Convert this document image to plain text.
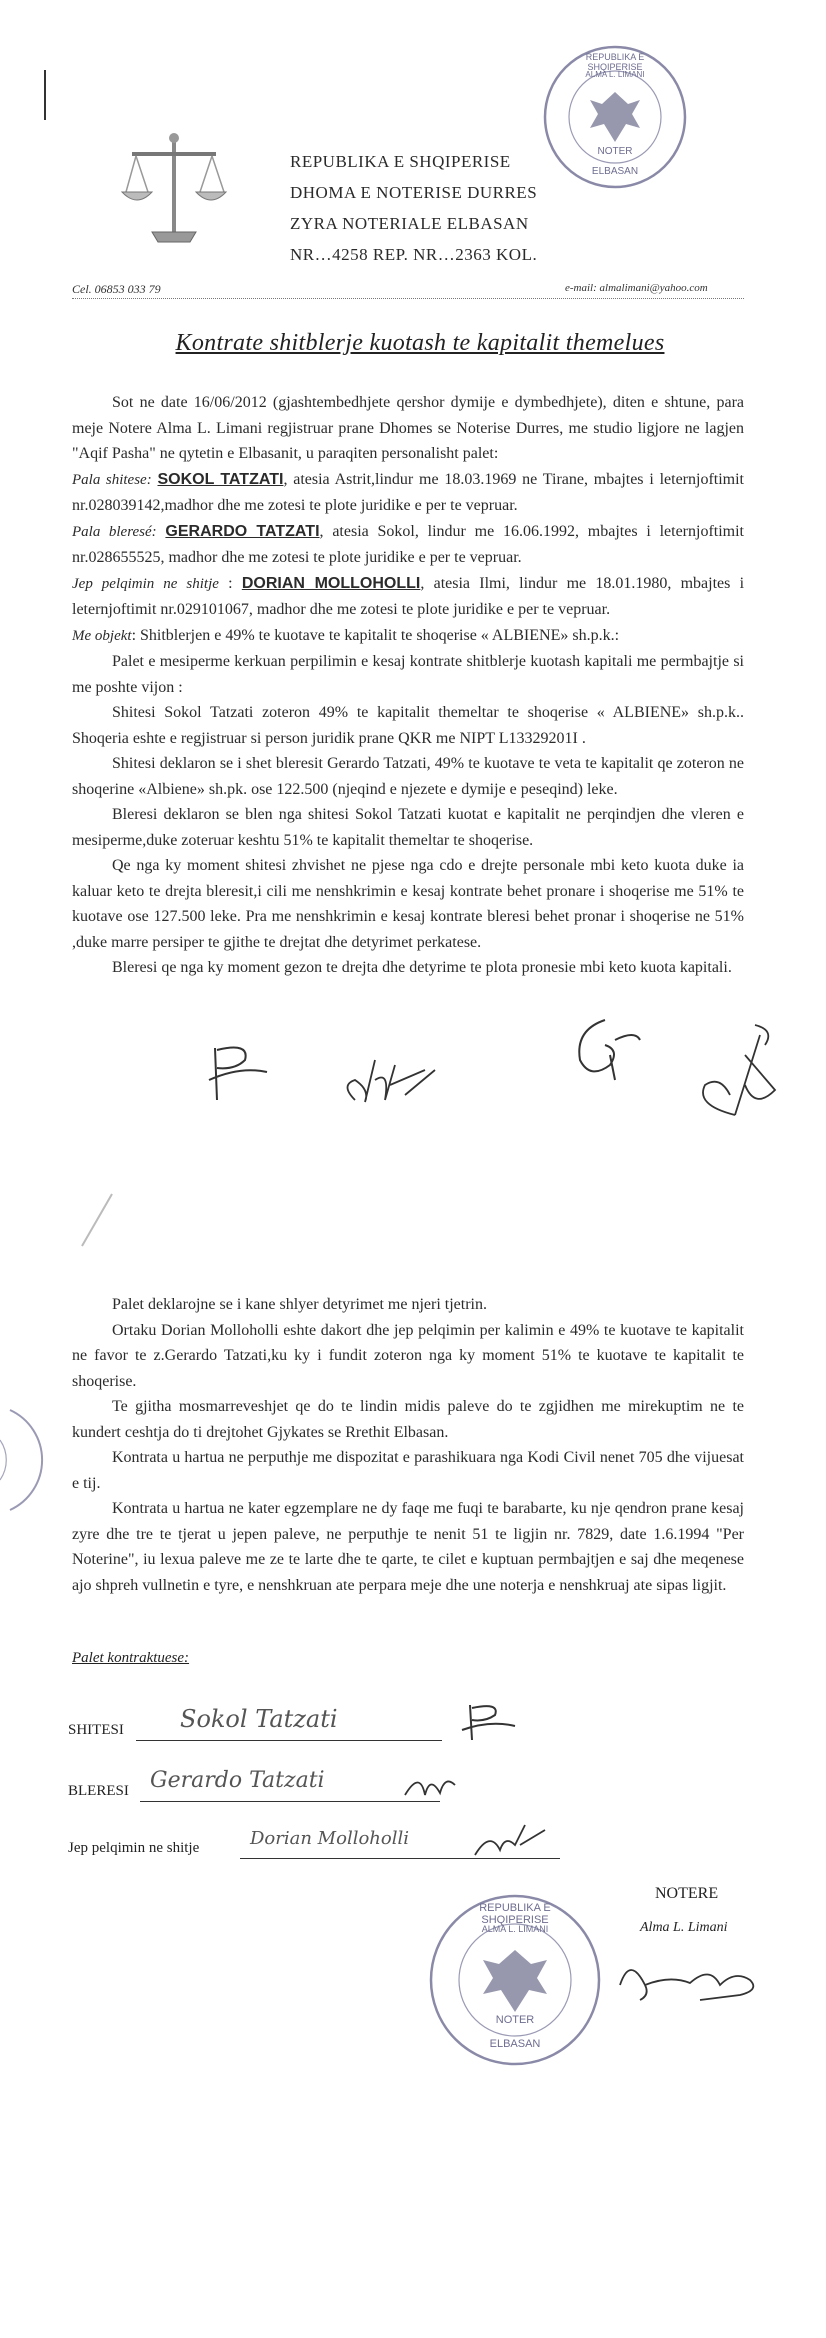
REPUBLIKA E SHQIPERISE
DHOMA E NOTERISE DURRES
ZYRA NOTERIALE ELBASAN
NR…4258 REP. NR…2363 KOL.
REPUBLIKA E SHQIPERISE
ALMA L. LIMANI
NOTER
ELBASAN
Cel. 06853 033 79	e-mail: almalimani@yahoo.com
Kontrate shitblerje kuotash te kapitalit themelues

Sot ne date 16/06/2012 (gjashtembedhjete qershor dymije e dymbedhjete), diten e shtune, para meje Notere Alma L. Limani regjistruar prane Dhomes se Noterise Durres, me studio ligjore ne lagjen "Aqif Pasha" ne qytetin e Elbasanit, u paraqiten personalisht palet:

Pala shitese: SOKOL TATZATI, atesia Astrit,lindur me 18.03.1969 ne Tirane, mbajtes i leternjoftimit nr.028039142,madhor dhe me zotesi te plote juridike e per te vepruar.

Pala bleresé: GERARDO TATZATI, atesia Sokol, lindur me 16.06.1992, mbajtes i leternjoftimit nr.028655525, madhor dhe me zotesi te plote juridike e per te vepruar.

Jep pelqimin ne shitje : DORIAN MOLLOHOLLI, atesia Ilmi, lindur me 18.01.1980, mbajtes i leternjoftimit nr.029101067, madhor dhe me zotesi te plote juridike e per te vepruar.

Me objekt: Shitblerjen e 49% te kuotave te kapitalit te shoqerise « ALBIENE» sh.p.k.:

Palet e mesiperme kerkuan perpilimin e kesaj kontrate shitblerje kuotash kapitali me permbajtje si me poshte vijon :

Shitesi Sokol Tatzati zoteron 49% te kapitalit themeltar te shoqerise « ALBIENE» sh.p.k.. Shoqeria eshte e regjistruar si person juridik prane QKR me NIPT L13329201I .

Shitesi deklaron se i shet bleresit Gerardo Tatzati, 49% te kuotave te veta te kapitalit qe zoteron ne shoqerine «Albiene» sh.pk. ose 122.500 (njeqind e njezete e dymije e peseqind) leke.

Bleresi deklaron se blen nga shitesi Sokol Tatzati kuotat e kapitalit ne perqindjen dhe vleren e mesiperme,duke zoteruar keshtu 51% te kapitalit themeltar te shoqerise.

Qe nga ky moment shitesi zhvishet ne pjese nga cdo e drejte personale mbi keto kuota duke ia kaluar keto te drejta bleresit,i cili me nenshkrimin e kesaj kontrate behet pronare i shoqerise me 51% te kuotave ose 127.500 leke. Pra me nenshkrimin e kesaj kontrate bleresi behet pronar i shoqerise ne 51% ,duke marre persiper te gjithe te drejtat dhe detyrimet perkatese.

Bleresi qe nga ky moment gezon te drejta dhe detyrime te plota pronesie mbi keto kuota kapitali.

Palet deklarojne se i kane shlyer detyrimet me njeri tjetrin.

Ortaku Dorian Molloholli eshte dakort dhe jep pelqimin per kalimin e 49% te kuotave te kapitalit ne favor te z.Gerardo Tatzati,ku ky i fundit zoteron nga ky moment 51% te kuotave te kapitalit te shoqerise.

Te gjitha mosmarreveshjet qe do te lindin midis paleve do te zgjidhen me mirekuptim ne te kundert ceshtja do ti drejtohet Gjykates se Rrethit Elbasan.

Kontrata u hartua ne perputhje me dispozitat e parashikuara nga Kodi Civil nenet 705 dhe vijuesat e tij.

Kontrata u hartua ne kater egzemplare ne dy faqe me fuqi te barabarte, ku nje qendron prane kesaj zyre dhe tre te tjerat u jepen paleve, ne perputhje te nenit 51 te ligjin nr. 7829, date 1.6.1994 "Per Noterine", iu lexua paleve me ze te larte dhe te qarte, te cilet e kuptuan permbajtjen e saj dhe meqenese ajo shpreh vullnetin e tyre, e nenshkruan ate perpara meje dhe une noterja e nenshkruaj ate sipas ligjit.

Palet kontraktuese:
SHITESI Sokol Tatzati
BLERESI Gerardo Tatzati
Jep pelqimin ne shitje	Dorian Molloholli
NOTERE
Alma L. Limani
REPUBLIKA E SHQIPERISE
ALMA L. LIMANI
NOTER
ELBASAN
